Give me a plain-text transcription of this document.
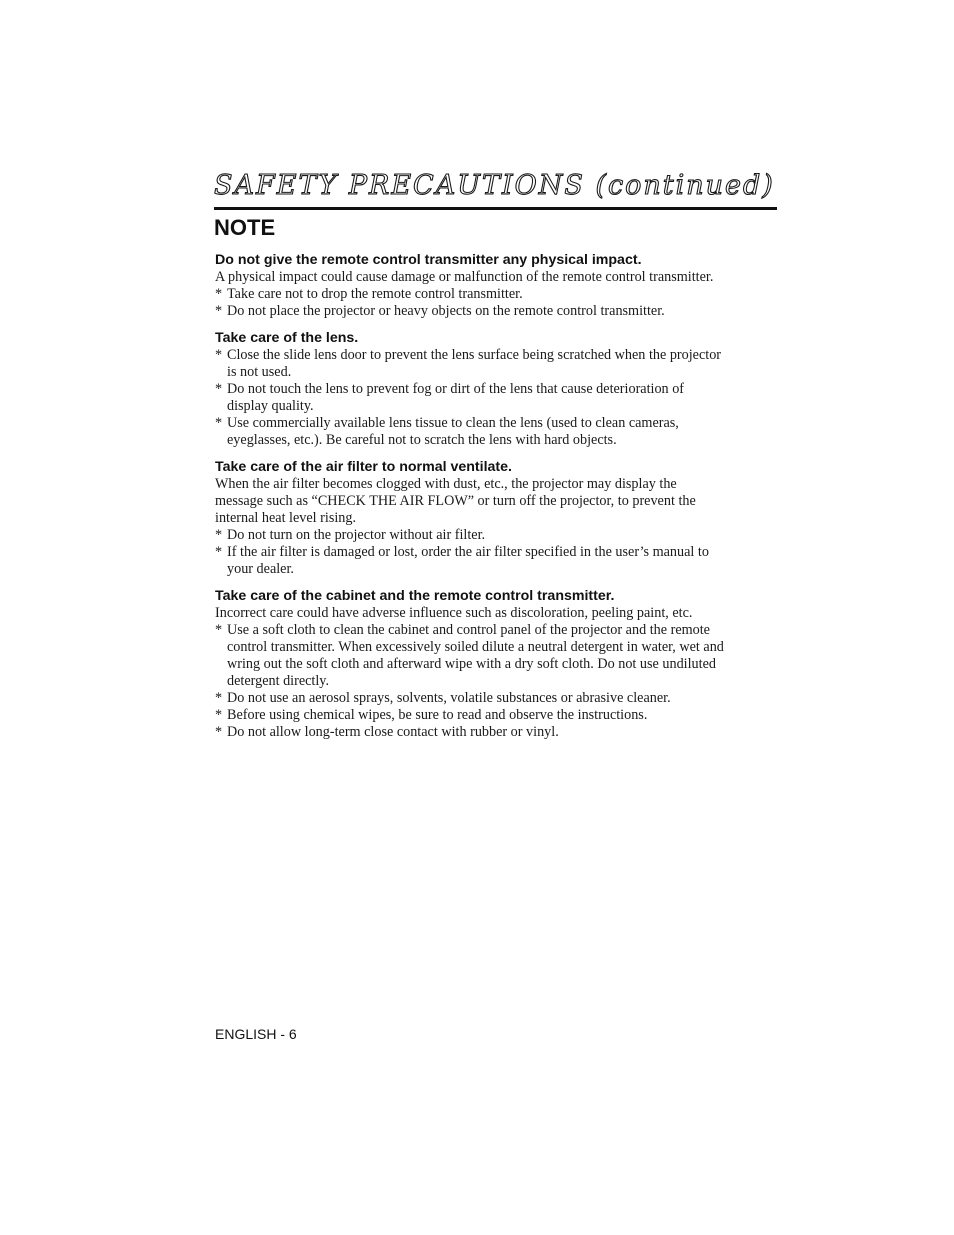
SAFETY PRECAUTIONS (continued)
NOTE
Do not give the remote control transmitter any physical impact.

A physical impact could cause damage or malfunction of the remote control transmitter.

* Take care not to drop the remote control transmitter.
* Do not place the projector or heavy objects on the remote control transmitter.
Take care of the lens.
* Close the slide lens door to prevent the lens surface being scratched when the projector is not used.
* Do not touch the lens to prevent fog or dirt of the lens that cause deterioration of display quality.
* Use commercially available lens tissue to clean the lens (used to clean cameras, eyeglasses, etc.). Be careful not to scratch the lens with hard objects.
Take care of the air filter to normal ventilate.

When the air filter becomes clogged with dust, etc., the projector may display the message such as “CHECK THE AIR FLOW” or turn off the projector, to prevent the internal heat level rising.

* Do not turn on the projector without air filter.
* If the air filter is damaged or lost, order the air filter specified in the user’s manual to your dealer.
Take care of the cabinet and the remote control transmitter.

Incorrect care could have adverse influence such as discoloration, peeling paint, etc.

* Use a soft cloth to clean the cabinet and control panel of the projector and the remote control transmitter. When excessively soiled dilute a neutral detergent in water, wet and wring out the soft cloth and afterward wipe with a dry soft cloth. Do not use undiluted detergent directly.
* Do not use an aerosol sprays, solvents, volatile substances or abrasive cleaner.
* Before using chemical wipes, be sure to read and observe the instructions.
* Do not allow long-term close contact with rubber or vinyl.

ENGLISH - 6
